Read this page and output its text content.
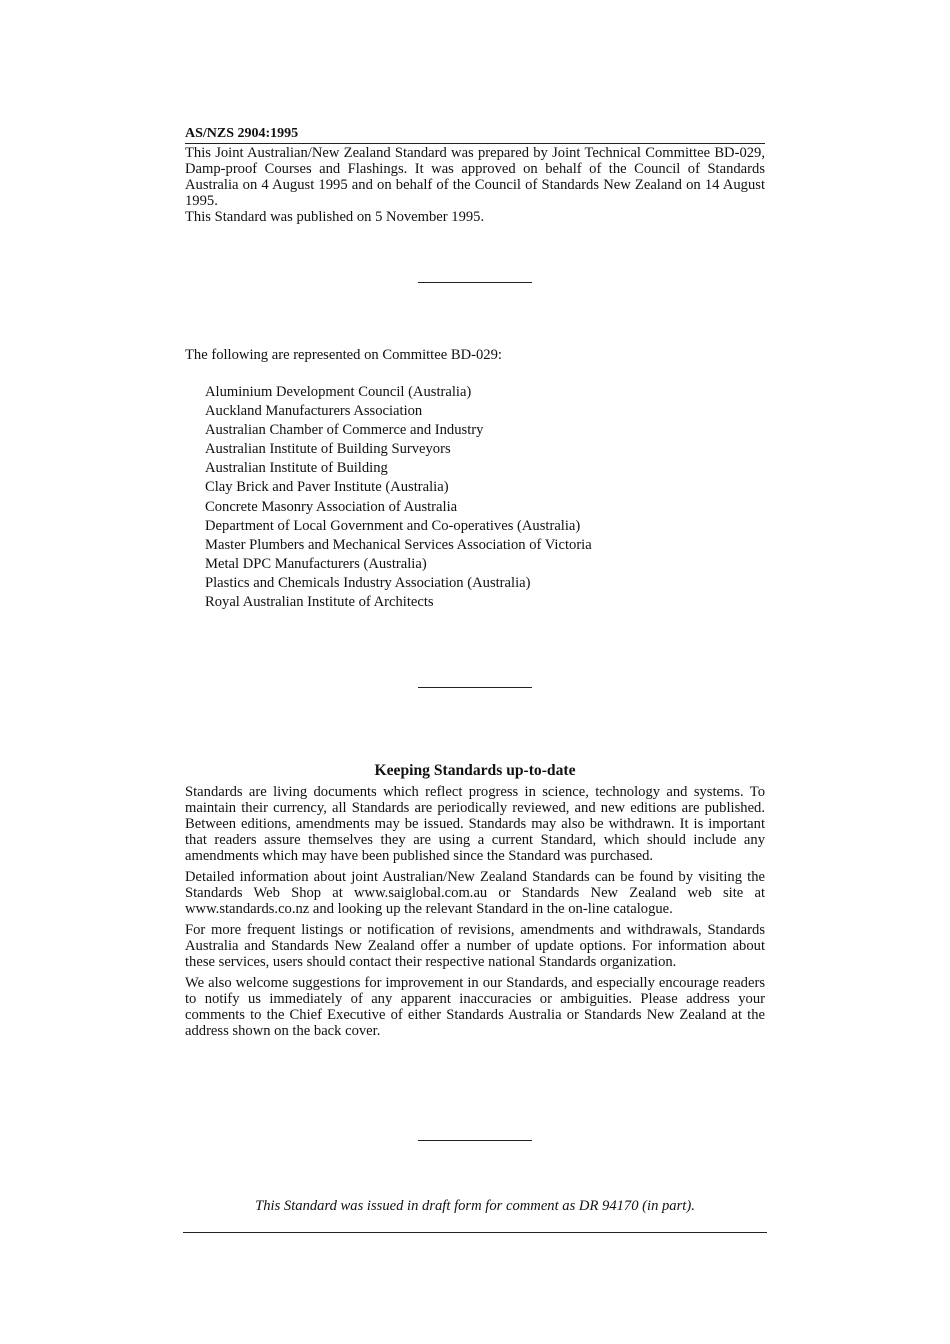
AS/NZS 2904:1995

This Joint Australian/New Zealand Standard was prepared by Joint Technical Committee BD-029, Damp-proof Courses and Flashings. It was approved on behalf of the Council of Standards Australia on 4 August 1995 and on behalf of the Council of Standards New Zealand on 14 August 1995.

This Standard was published on 5 November 1995.

The following are represented on Committee BD-029:

Aluminium Development Council (Australia)
Auckland Manufacturers Association
Australian Chamber of Commerce and Industry
Australian Institute of Building Surveyors
Australian Institute of Building
Clay Brick and Paver Institute (Australia)
Concrete Masonry Association of Australia
Department of Local Government and Co-operatives (Australia)
Master Plumbers and Mechanical Services Association of Victoria
Metal DPC Manufacturers (Australia)
Plastics and Chemicals Industry Association (Australia)
Royal Australian Institute of Architects
Keeping Standards up-to-date

Standards are living documents which reflect progress in science, technology and systems. To maintain their currency, all Standards are periodically reviewed, and new editions are published. Between editions, amendments may be issued. Standards may also be withdrawn. It is important that readers assure themselves they are using a current Standard, which should include any amendments which may have been published since the Standard was purchased.

Detailed information about joint Australian/New Zealand Standards can be found by visiting the Standards Web Shop at www.saiglobal.com.au or Standards New Zealand web site at www.standards.co.nz and looking up the relevant Standard in the on-line catalogue.

For more frequent listings or notification of revisions, amendments and withdrawals, Standards Australia and Standards New Zealand offer a number of update options. For information about these services, users should contact their respective national Standards organization.

We also welcome suggestions for improvement in our Standards, and especially encourage readers to notify us immediately of any apparent inaccuracies or ambiguities. Please address your comments to the Chief Executive of either Standards Australia or Standards New Zealand at the address shown on the back cover.

This Standard was issued in draft form for comment as DR 94170 (in part).
